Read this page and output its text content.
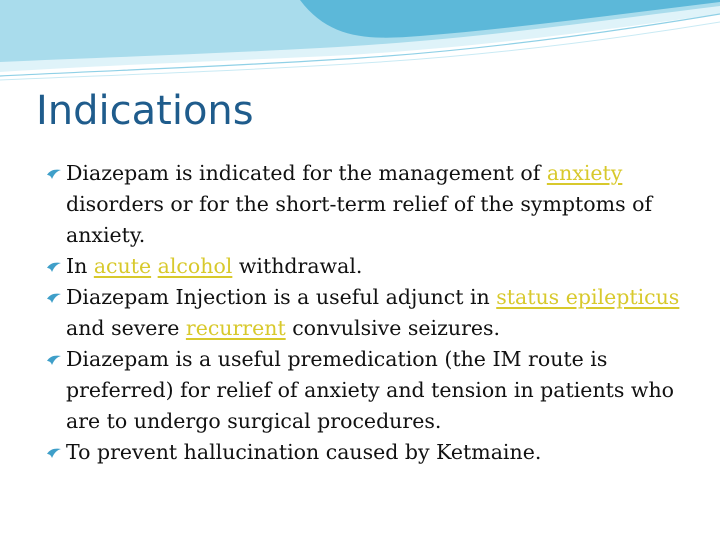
Indications
Diazepam is indicated for the management of anxiety disorders or for the short-term relief of the symptoms of anxiety.
In acute alcohol withdrawal.
Diazepam Injection is a useful adjunct in status epilepticus and severe recurrent convulsive seizures.
Diazepam is a useful premedication (the IM route is preferred) for relief of anxiety and tension in patients who are to undergo surgical procedures.
To prevent hallucination caused by Ketmaine.
